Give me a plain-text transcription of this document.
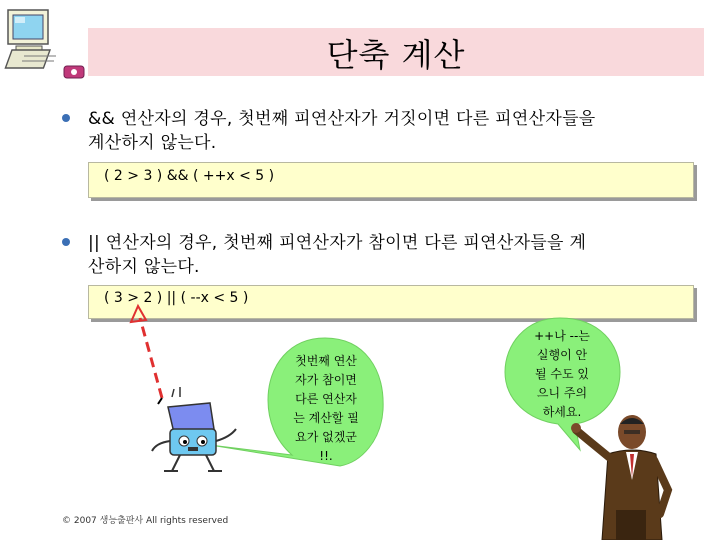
단축 계산
&& 연산자의 경우, 첫번째 피연산자가 거짓이면 다른 피연산자들을
계산하지 않는다.
( 2 > 3 ) && ( ++x < 5 )
|| 연산자의 경우, 첫번째 피연산자가 참이면 다른 피연산자들을 계
산하지 않는다.
( 3 > 2 ) || ( --x < 5 )
첫번째 연산
자가 참이면
다른 연산자
는 계산할 필
요가 없겠군
!!.
++나 --는
실행이 안
될 수도 있
으니 주의
하세요.
© 2007 생능출판사 All rights reserved
